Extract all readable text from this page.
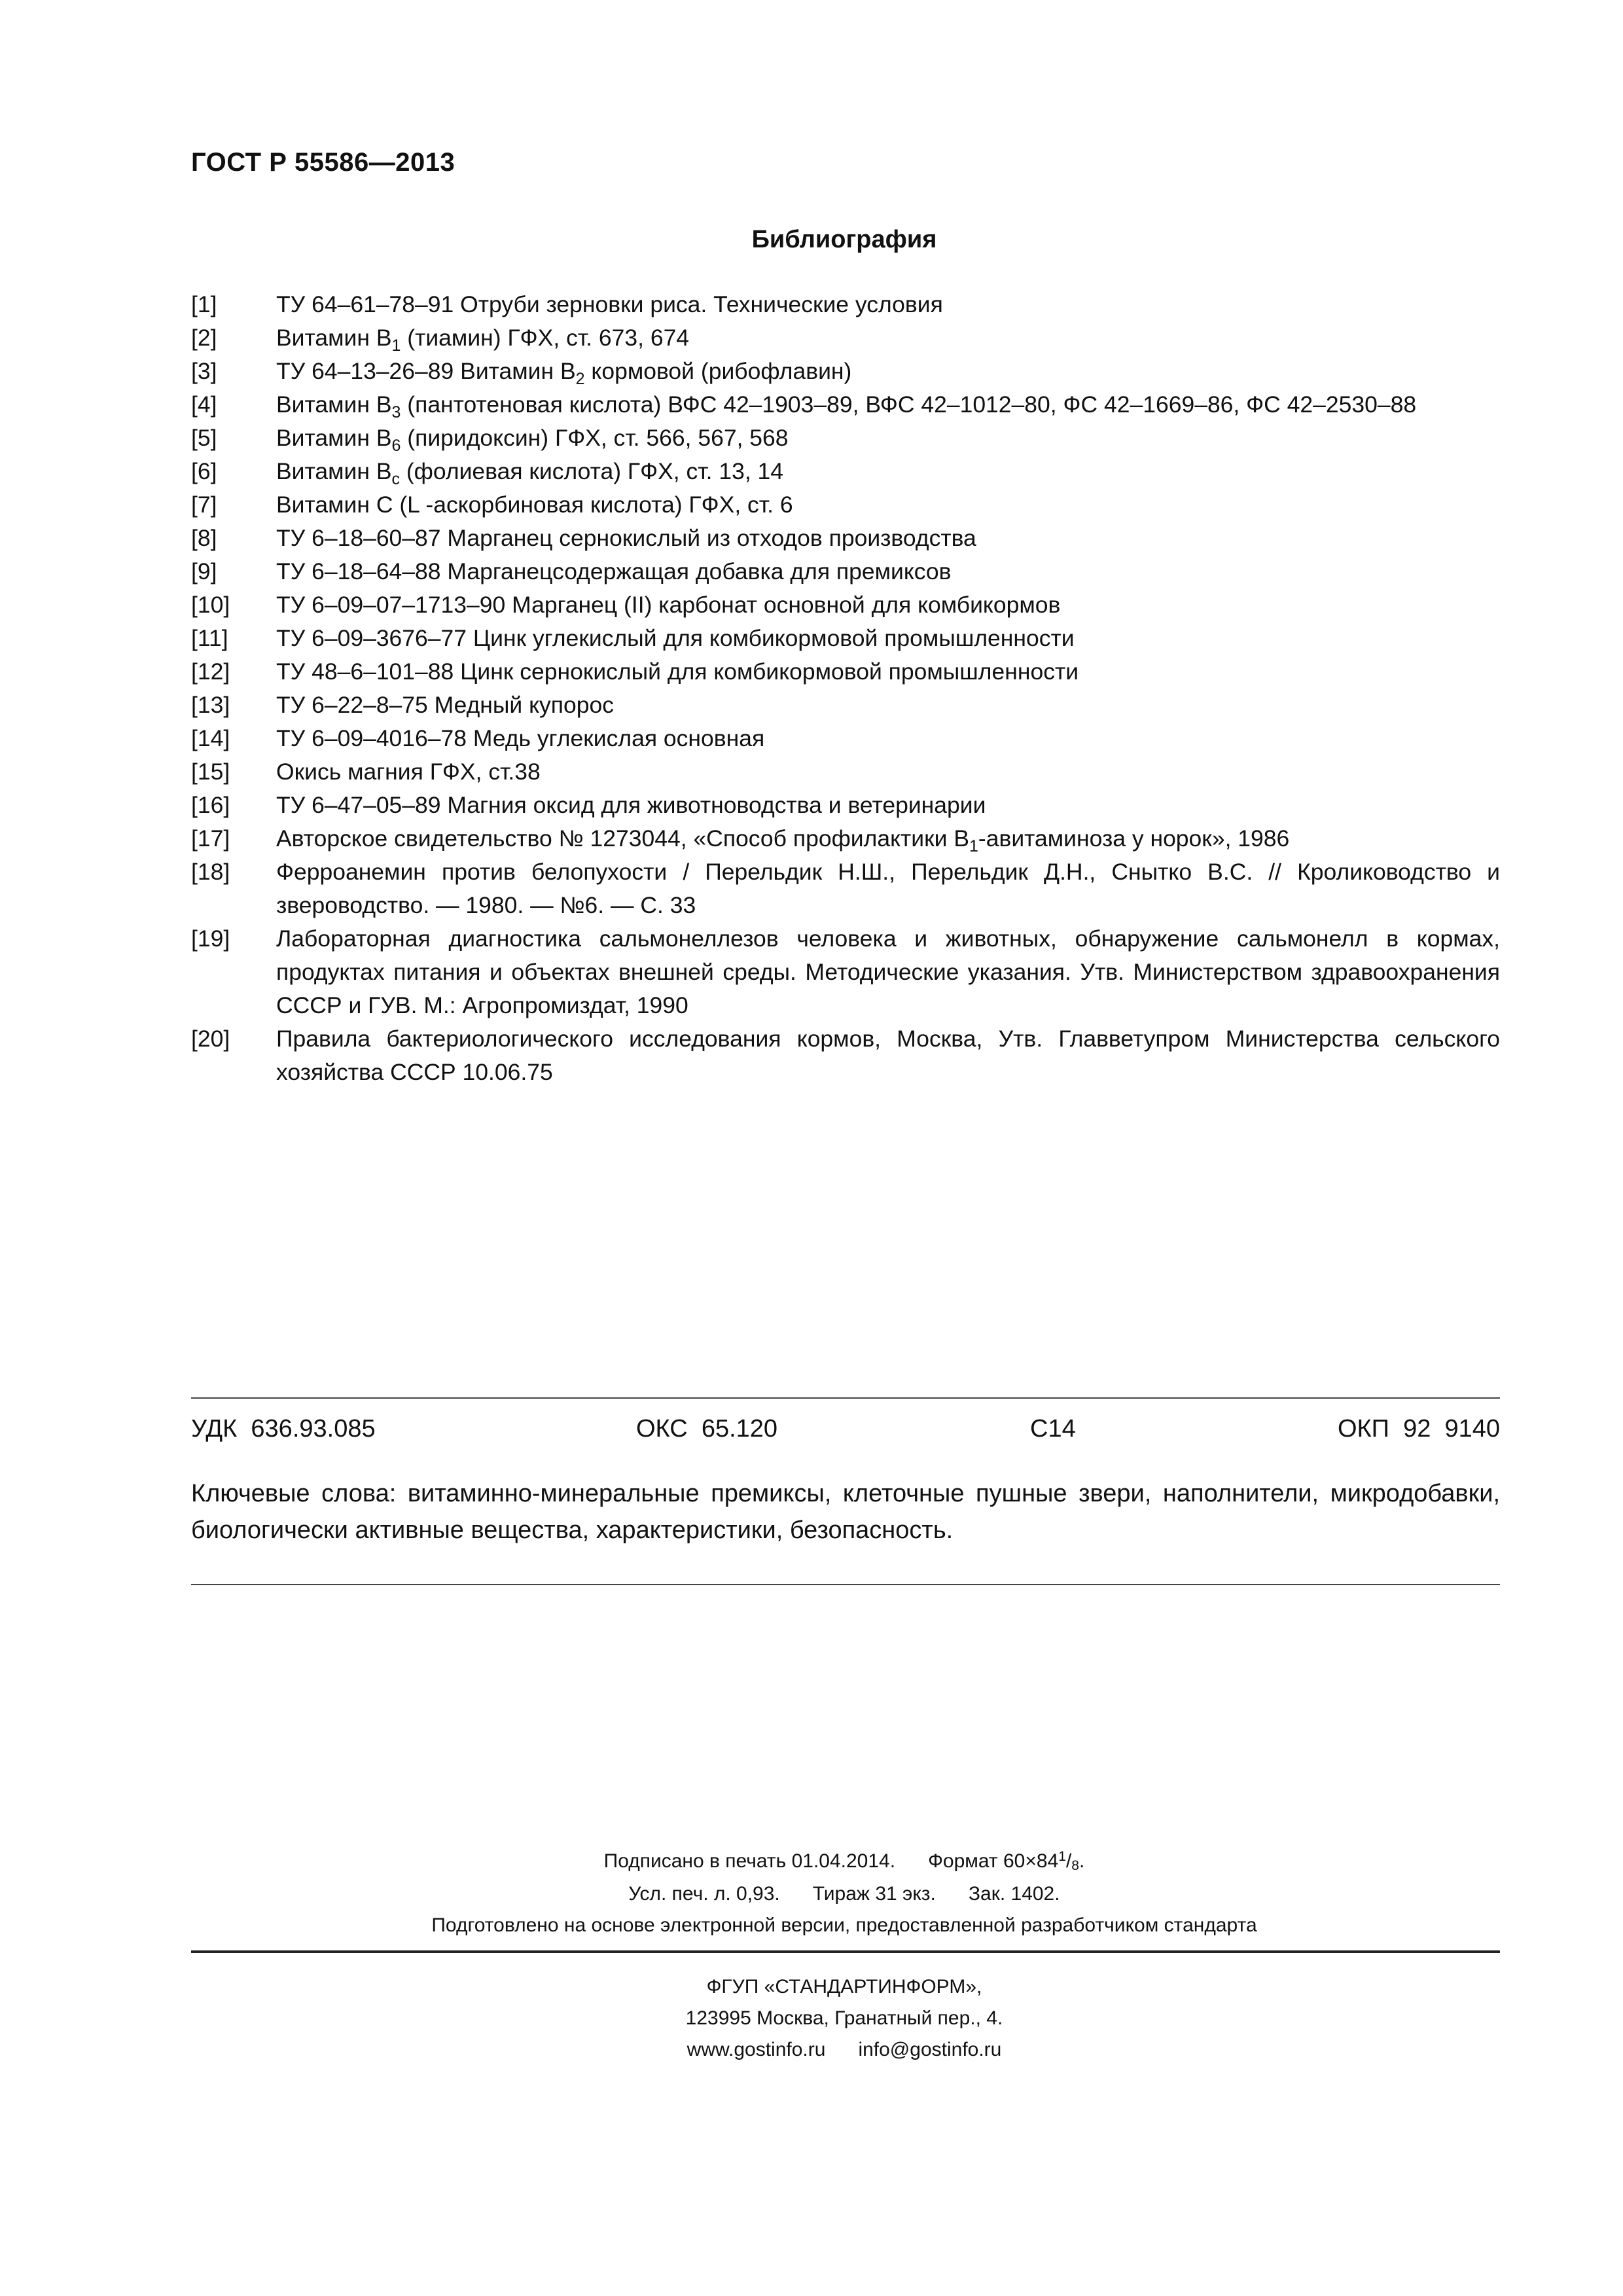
ГОСТ Р 55586—2013
Библиография
[1]	ТУ 64–61–78–91 Отруби зерновки риса. Технические условия
[2]	Витамин $В_1$ (тиамин) ГФХ, ст. 673, 674
[3]	ТУ 64–13–26–89 Витамин $В_2$ кормовой (рибофлавин)
[4]	Витамин $В_3$ (пантотеновая кислота) ВФС 42–1903–89, ВФС 42–1012–80, ФС 42–1669–86, ФС 42–2530–88
[5]	Витамин $В_6$ (пиридоксин) ГФХ, ст. 566, 567, 568
[6]	Витамин $В_с$ (фолиевая кислота) ГФХ, ст. 13, 14
[7]	Витамин С (L -аскорбиновая кислота) ГФХ, ст. 6
[8]	ТУ 6–18–60–87 Марганец сернокислый из отходов производства
[9]	ТУ 6–18–64–88 Марганецсодержащая добавка для премиксов
[10]	ТУ 6–09–07–1713–90 Марганец (II) карбонат основной для комбикормов
[11]	ТУ 6–09–3676–77 Цинк углекислый для комбикормовой промышленности
[12]	ТУ 48–6–101–88 Цинк сернокислый для комбикормовой промышленности
[13]	ТУ 6–22–8–75 Медный купорос
[14]	ТУ 6–09–4016–78 Медь углекислая основная
[15]	Окись магния ГФХ, ст.38
[16]	ТУ 6–47–05–89 Магния оксид для животноводства и ветеринарии
[17]	Авторское свидетельство № 1273044, «Способ профилактики $В_1$-авитаминоза у норок», 1986
[18]	Ферроанемин против белопухости / Перельдик Н.Ш., Перельдик Д.Н., Снытко В.С. // Кролиководство и звероводство. — 1980. — №6. — С. 33
[19]	Лабораторная диагностика сальмонеллезов человека и животных, обнаружение сальмонелл в кормах, продуктах питания и объектах внешней среды. Методические указания. Утв. Министерством здравоохранения СССР и ГУВ. М.: Агропромиздат, 1990
[20]	Правила бактериологического исследования кормов, Москва, Утв. Главветупром Министерства сельского хозяйства СССР 10.06.75
УДК  636.93.085	ОКС  65.120	С14	ОКП  92  9140
Ключевые слова: витаминно-минеральные премиксы, клеточные пушные звери, наполнители, микродобавки, биологически активные вещества, характеристики, безопасность.
Подписано в печать 01.04.2014. Формат $60\times 84^1/_8$.
Усл. печ. л. 0,93. Тираж 31 экз. Зак. 1402.
Подготовлено на основе электронной версии, предоставленной разработчиком стандарта
ФГУП «СТАНДАРТИНФОРМ»,
123995 Москва, Гранатный пер., 4.
www.gostinfo.ru info@gostinfo.ru
